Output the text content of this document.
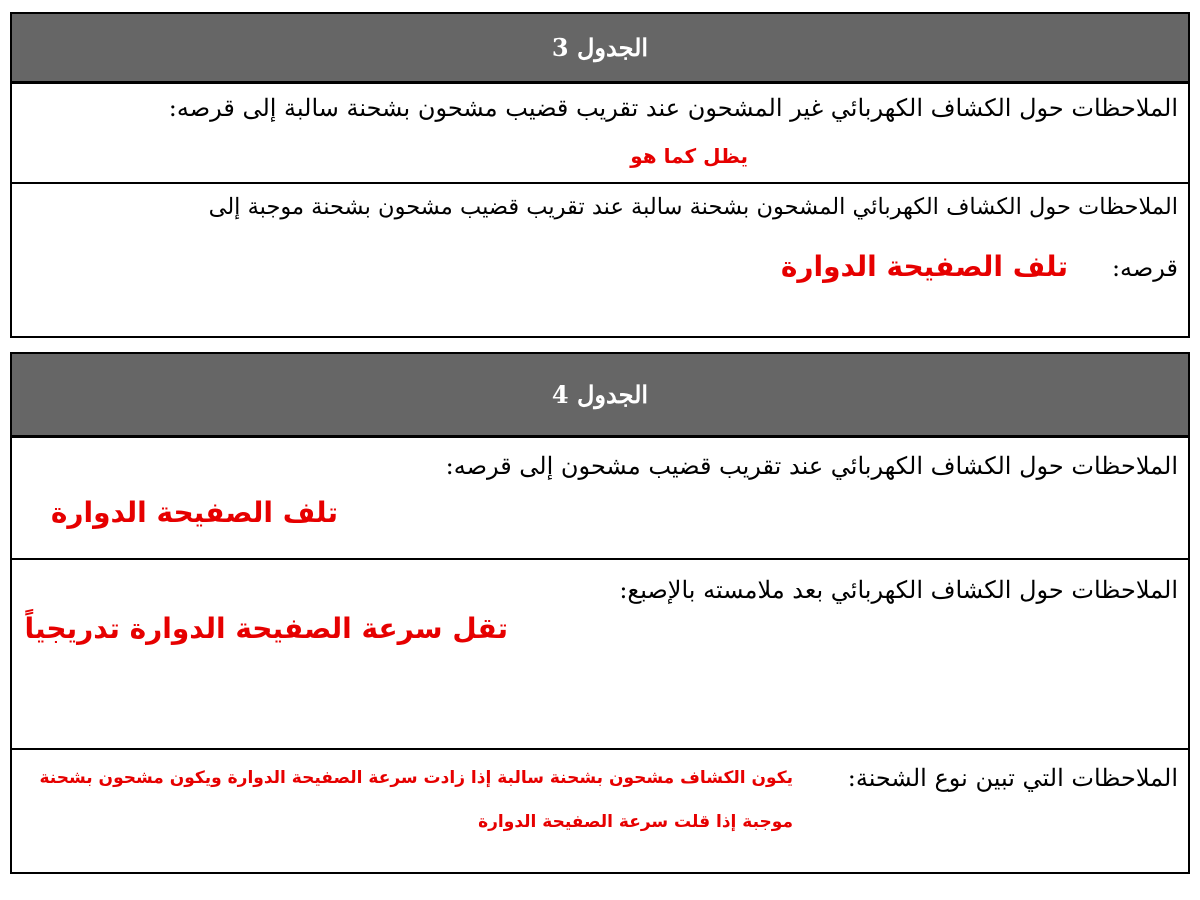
الجدول 3
الملاحظات حول الكشاف الكهربائي غير المشحون عند تقريب قضيب مشحون بشحنة سالبة إلى قرصه:
يظل كما هو
الملاحظات حول الكشاف الكهربائي المشحون بشحنة سالبة عند تقريب قضيب مشحون بشحنة موجبة إلى
قرصه:
تلف الصفيحة الدوارة
الجدول 4
الملاحظات حول الكشاف الكهربائي عند تقريب قضيب مشحون إلى قرصه:
تلف الصفيحة الدوارة
الملاحظات حول الكشاف الكهربائي بعد ملامسته بالإصبع:
تقل سرعة الصفيحة الدوارة تدريجياً
الملاحظات التي تبين نوع الشحنة:
يكون الكشاف مشحون بشحنة سالبة إذا زادت سرعة الصفيحة الدوارة ويكون مشحون بشحنة
موجبة إذا قلت سرعة الصفيحة الدوارة
